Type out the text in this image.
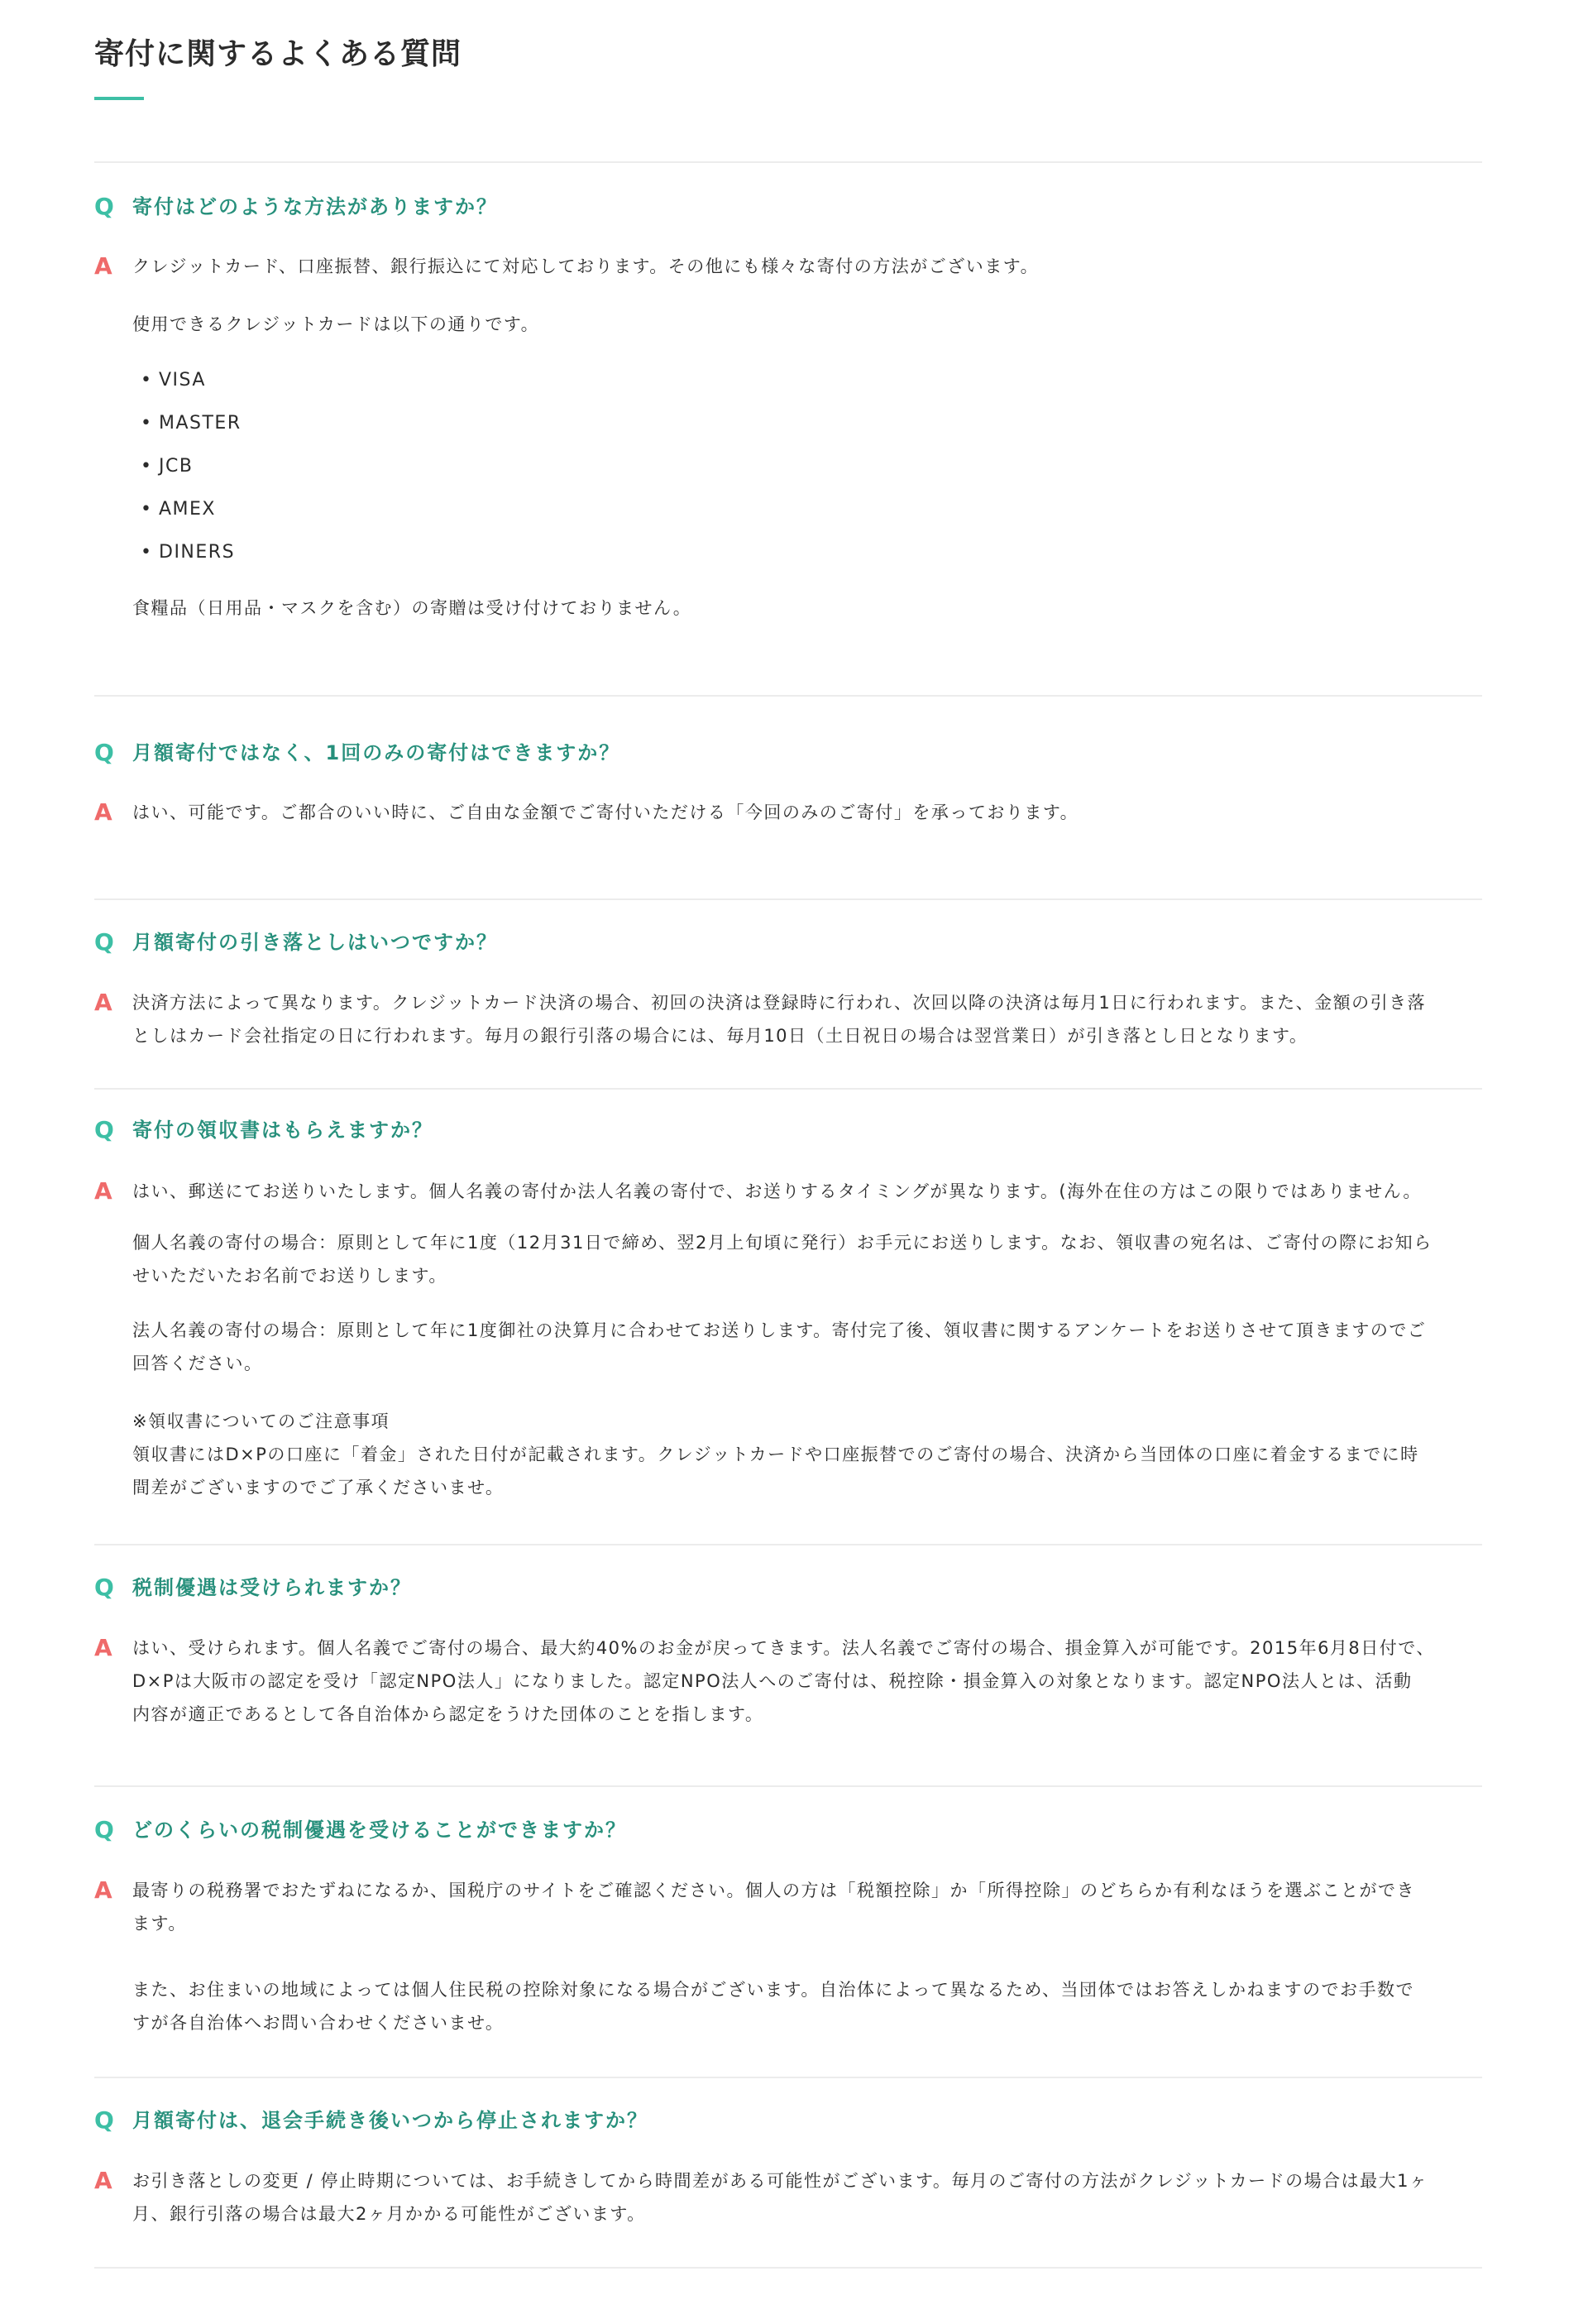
寄付に関するよくある質問
Q 寄付はどのような方法がありますか？
A	クレジットカード、口座振替、銀行振込にて対応しております。その他にも様々な寄付の方法がございます。
使用できるクレジットカードは以下の通りです。
• VISA
• MASTER
• JCB
• AMEX
• DINERS
食糧品（日用品・マスクを含む）の寄贈は受け付けておりません。
Q 月額寄付ではなく、1回のみの寄付はできますか？
A	はい、可能です。ご都合のいい時に、ご自由な金額でご寄付いただける「今回のみのご寄付」を承っております。
Q 月額寄付の引き落としはいつですか？
A	決済方法によって異なります。クレジットカード決済の場合、初回の決済は登録時に行われ、次回以降の決済は毎月1日に行われます。また、金額の引き落
としはカード会社指定の日に行われます。毎月の銀行引落の場合には、毎月10日（土日祝日の場合は翌営業日）が引き落とし日となります。
Q 寄付の領収書はもらえますか？
A	はい、郵送にてお送りいたします。個人名義の寄付か法人名義の寄付で、お送りするタイミングが異なります。(海外在住の方はこの限りではありません。
個人名義の寄付の場合：原則として年に1度（12月31日で締め、翌2月上旬頃に発行）お手元にお送りします。なお、領収書の宛名は、ご寄付の際にお知ら
せいただいたお名前でお送りします。
法人名義の寄付の場合：原則として年に1度御社の決算月に合わせてお送りします。寄付完了後、領収書に関するアンケートをお送りさせて頂きますのでご
回答ください。
※領収書についてのご注意事項
領収書にはD×Pの口座に「着金」された日付が記載されます。クレジットカードや口座振替でのご寄付の場合、決済から当団体の口座に着金するまでに時
間差がございますのでご了承くださいませ。
Q 税制優遇は受けられますか？
A	はい、受けられます。個人名義でご寄付の場合、最大約40%のお金が戻ってきます。法人名義でご寄付の場合、損金算入が可能です。2015年6月8日付で、
D×Pは大阪市の認定を受け「認定NPO法人」になりました。認定NPO法人へのご寄付は、税控除・損金算入の対象となります。認定NPO法人とは、活動
内容が適正であるとして各自治体から認定をうけた団体のことを指します。
Q どのくらいの税制優遇を受けることができますか？
A	最寄りの税務署でおたずねになるか、国税庁のサイトをご確認ください。個人の方は「税額控除」か「所得控除」のどちらか有利なほうを選ぶことができ
ます。
また、お住まいの地域によっては個人住民税の控除対象になる場合がございます。自治体によって異なるため、当団体ではお答えしかねますのでお手数で
すが各自治体へお問い合わせくださいませ。
Q 月額寄付は、退会手続き後いつから停止されますか？
A	お引き落としの変更 / 停止時期については、お手続きしてから時間差がある可能性がございます。毎月のご寄付の方法がクレジットカードの場合は最大1ヶ
月、銀行引落の場合は最大2ヶ月かかる可能性がございます。
